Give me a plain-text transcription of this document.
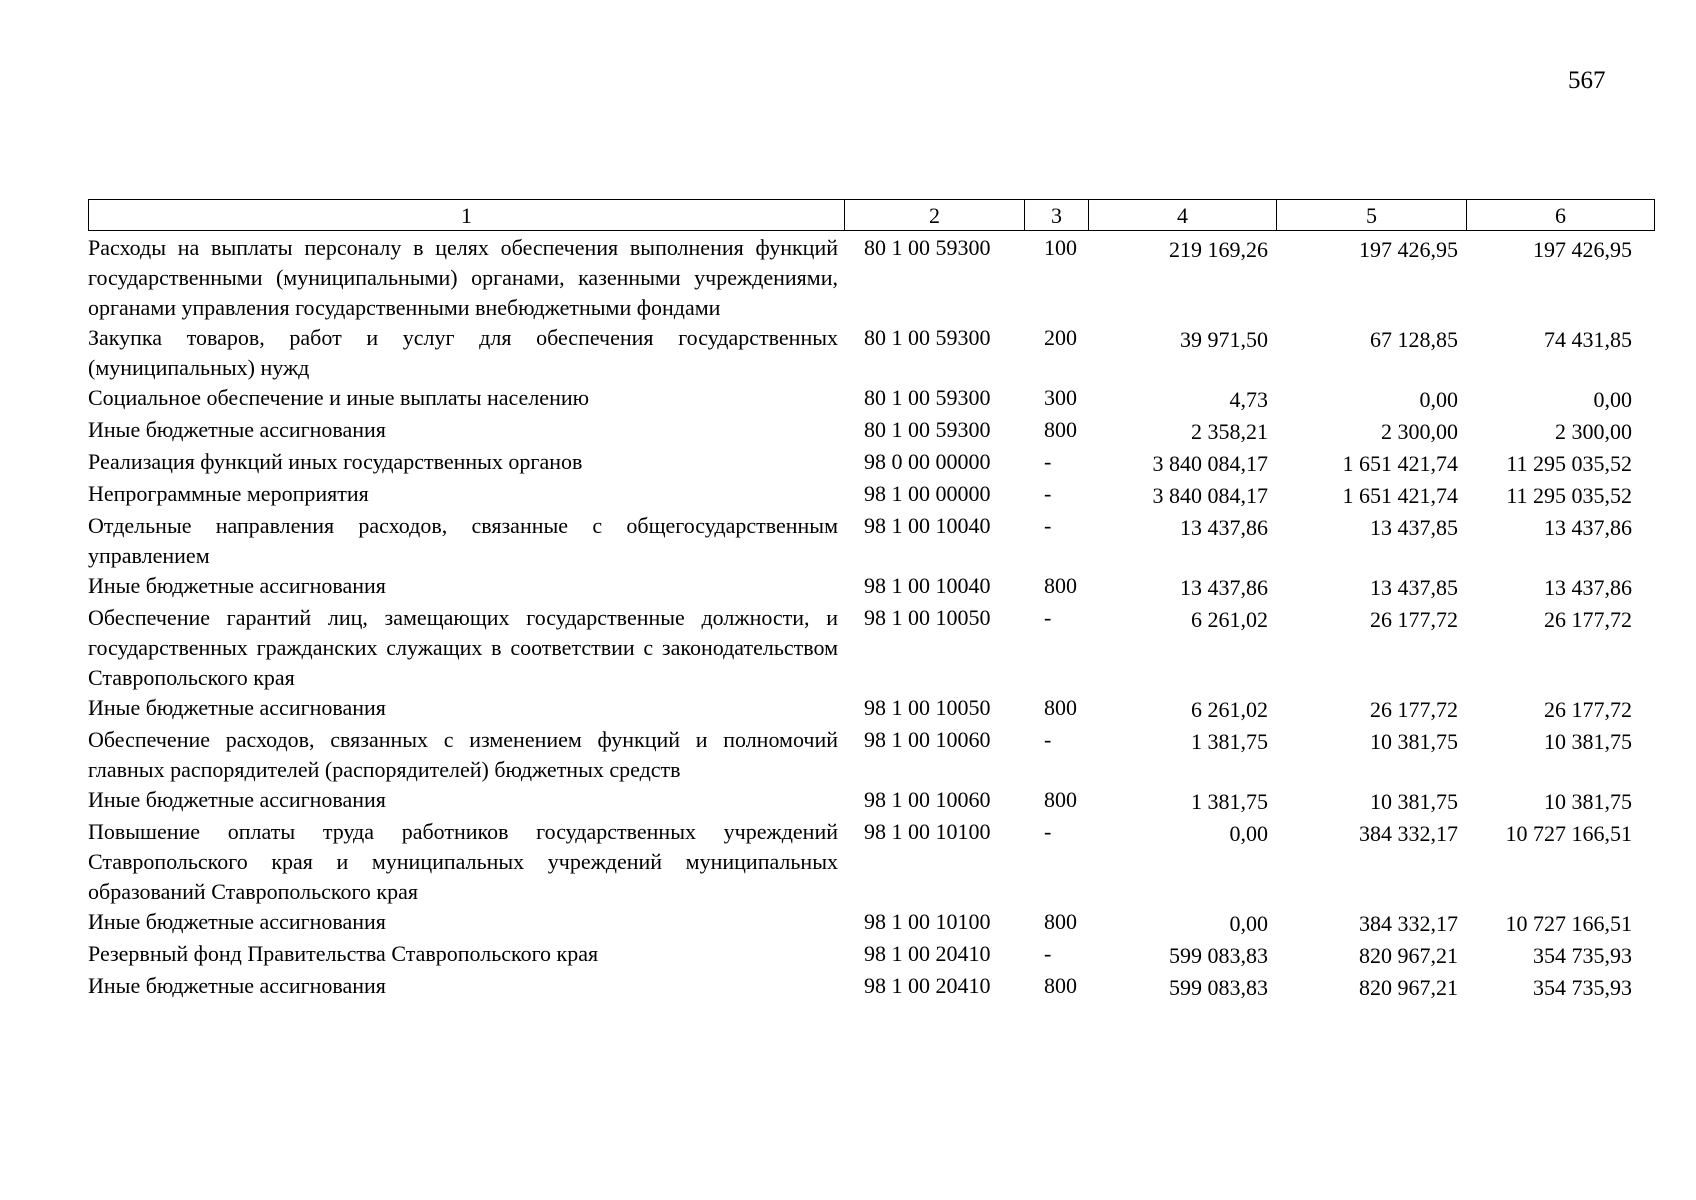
567
1	2	3	4	5	6
Расходы на выплаты персоналу в целях обеспечения выполнения функций государственными (муниципальными) органами, казенными учреждениями, органами управления государственными внебюджетными фондами	80 1 00 59300	100	219 169,26	197 426,95	197 426,95
Закупка товаров, работ и услуг для обеспечения государственных (муниципальных) нужд	80 1 00 59300	200	39 971,50	67 128,85	74 431,85
Социальное обеспечение и иные выплаты населению	80 1 00 59300	300	4,73	0,00	0,00
Иные бюджетные ассигнования	80 1 00 59300	800	2 358,21	2 300,00	2 300,00
Реализация функций иных государственных органов	98 0 00 00000	-	3 840 084,17	1 651 421,74	11 295 035,52
Непрограммные мероприятия	98 1 00 00000	-	3 840 084,17	1 651 421,74	11 295 035,52
Отдельные направления расходов, связанные с общегосударственным управлением	98 1 00 10040	-	13 437,86	13 437,85	13 437,86
Иные бюджетные ассигнования	98 1 00 10040	800	13 437,86	13 437,85	13 437,86
Обеспечение гарантий лиц, замещающих государственные должности, и государственных гражданских служащих в соответствии с законодательством Ставропольского края	98 1 00 10050	-	6 261,02	26 177,72	26 177,72
Иные бюджетные ассигнования	98 1 00 10050	800	6 261,02	26 177,72	26 177,72
Обеспечение расходов, связанных с изменением функций и полномочий главных распорядителей (распорядителей) бюджетных средств	98 1 00 10060	-	1 381,75	10 381,75	10 381,75
Иные бюджетные ассигнования	98 1 00 10060	800	1 381,75	10 381,75	10 381,75
Повышение оплаты труда работников государственных учреждений Ставропольского края и муниципальных учреждений муниципальных образований Ставропольского края	98 1 00 10100	-	0,00	384 332,17	10 727 166,51
Иные бюджетные ассигнования	98 1 00 10100	800	0,00	384 332,17	10 727 166,51
Резервный фонд Правительства Ставропольского края	98 1 00 20410	-	599 083,83	820 967,21	354 735,93
Иные бюджетные ассигнования	98 1 00 20410	800	599 083,83	820 967,21	354 735,93
